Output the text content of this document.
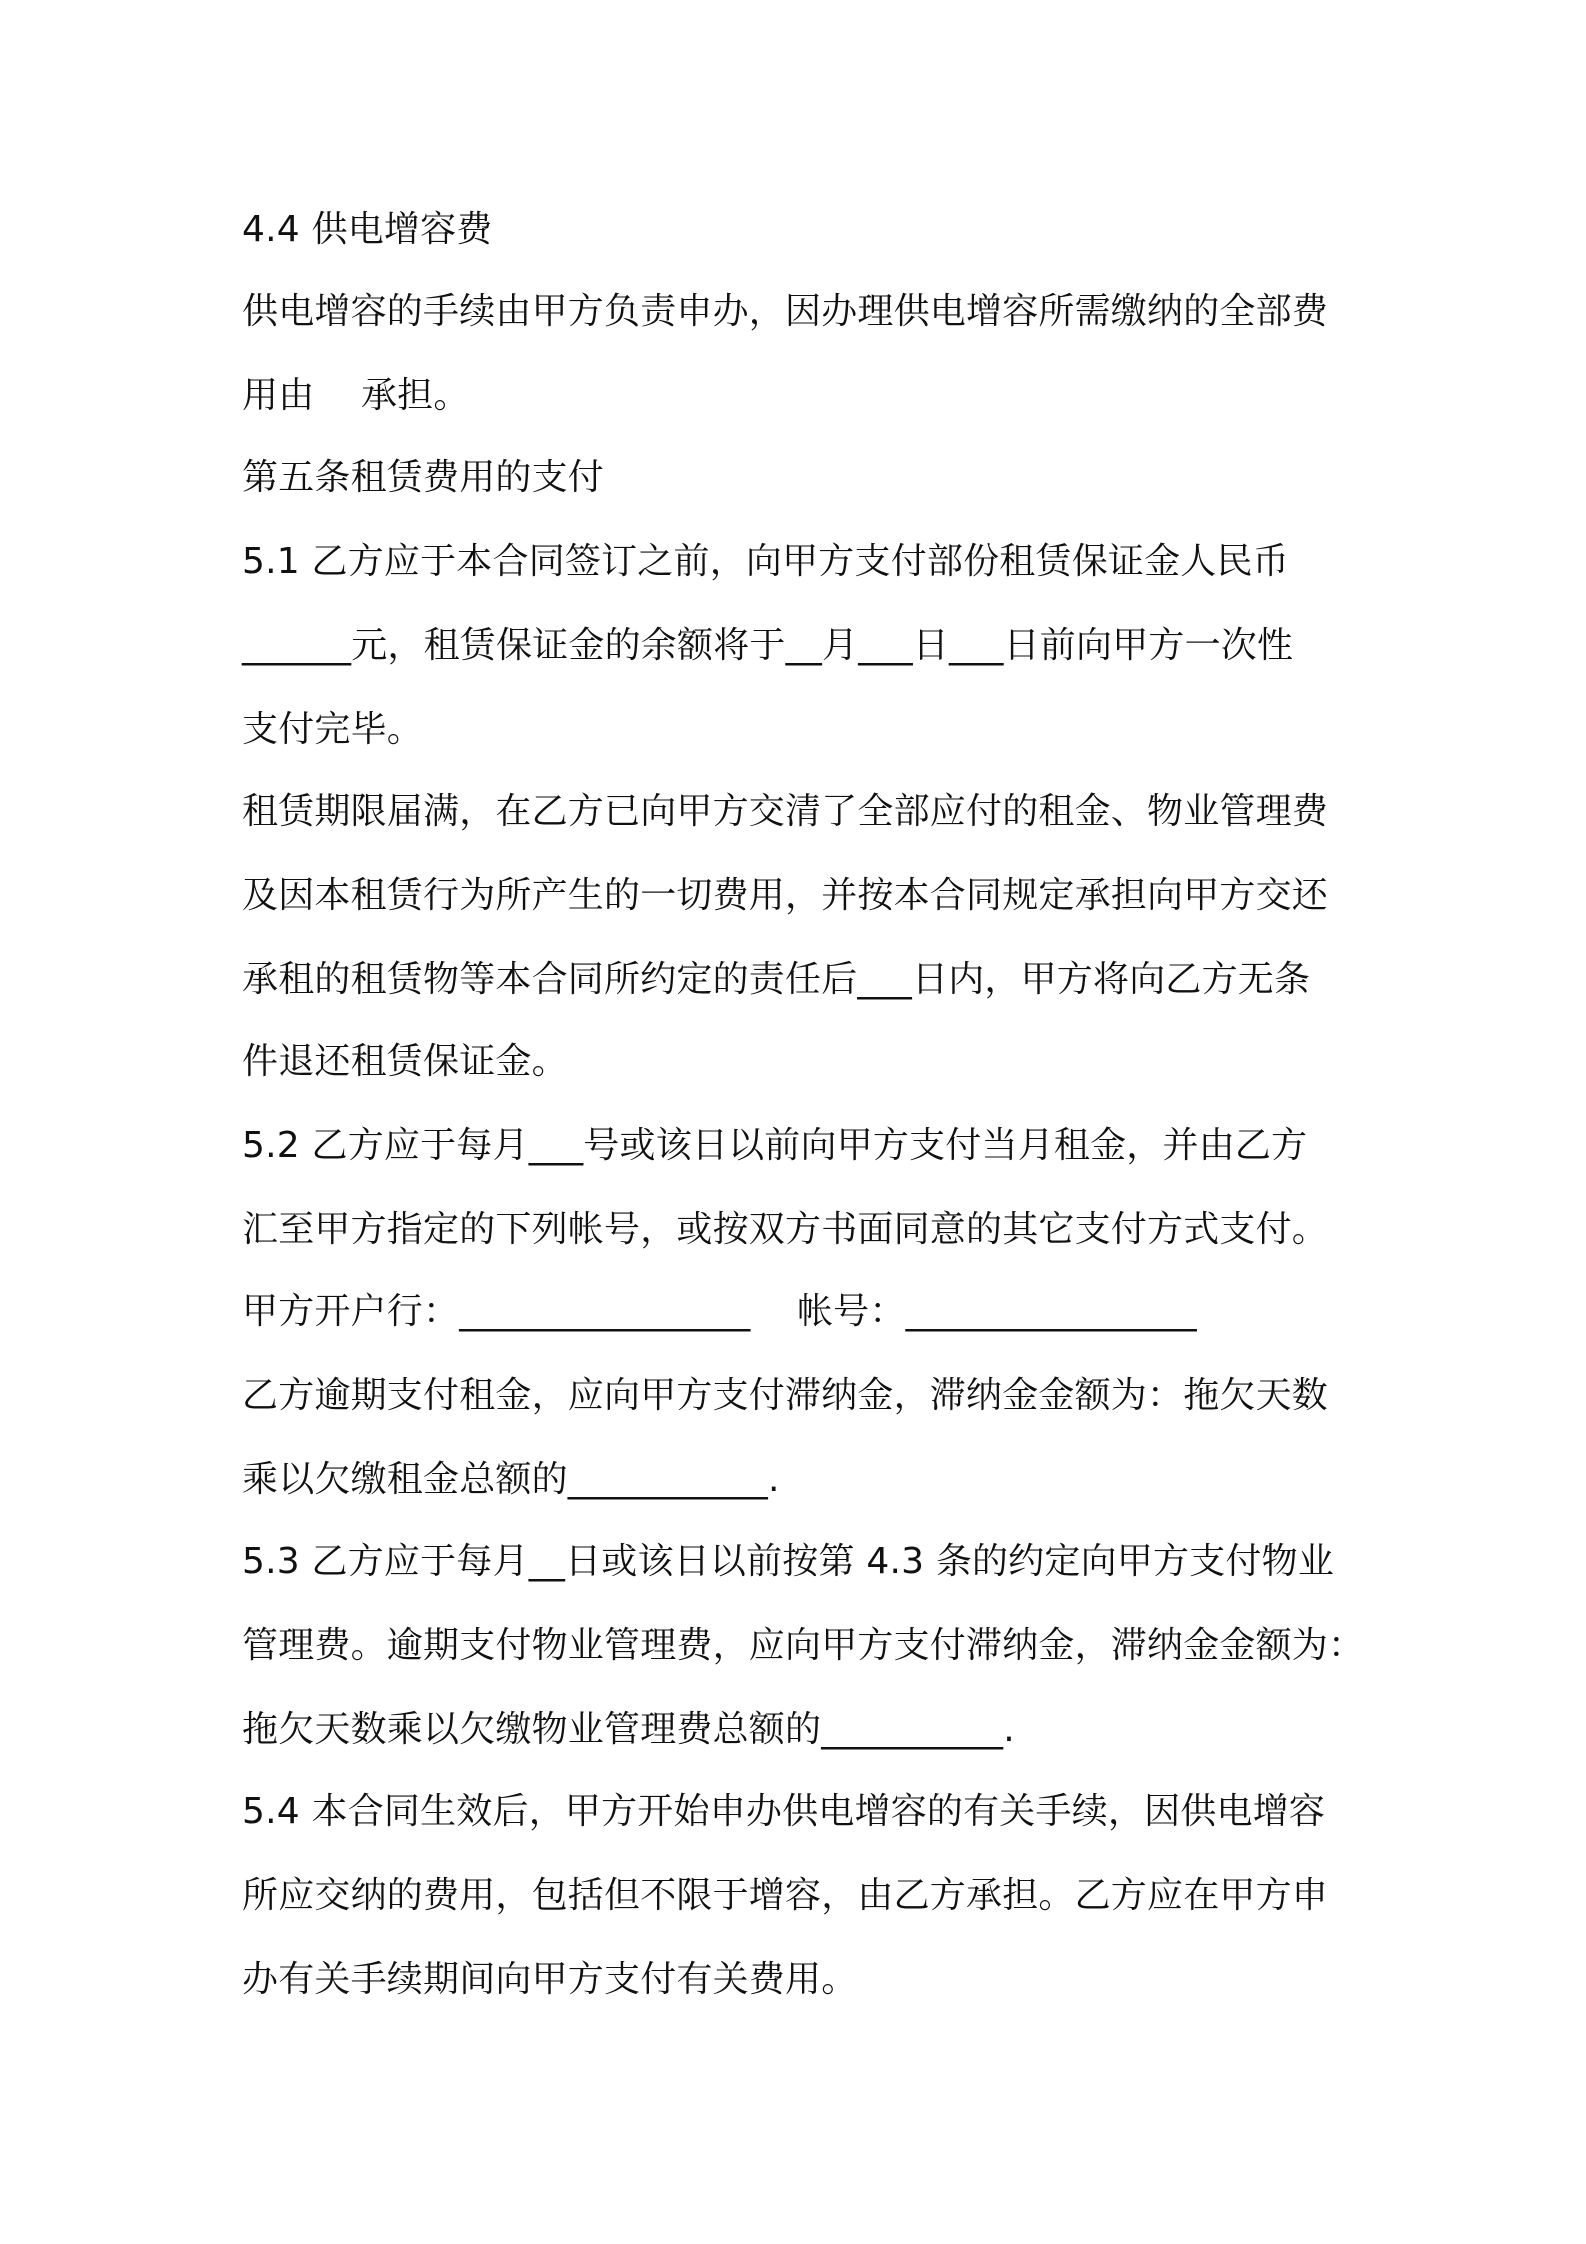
4.4 供电增容费

供电增容的手续由甲方负责申办，因办理供电增容所需缴纳的全部费

用由    承担。

第五条租赁费用的支付

5.1 乙方应于本合同签订之前，向甲方支付部份租赁保证金人民币

______元，租赁保证金的余额将于__月___日___日前向甲方一次性

支付完毕。

租赁期限届满，在乙方已向甲方交清了全部应付的租金、物业管理费

及因本租赁行为所产生的一切费用，并按本合同规定承担向甲方交还

承租的租赁物等本合同所约定的责任后___日内，甲方将向乙方无条

件退还租赁保证金。

5.2 乙方应于每月___号或该日以前向甲方支付当月租金，并由乙方

汇至甲方指定的下列帐号，或按双方书面同意的其它支付方式支付。

甲方开户行：________________    帐号：________________

乙方逾期支付租金，应向甲方支付滞纳金，滞纳金金额为：拖欠天数

乘以欠缴租金总额的___________.

5.3 乙方应于每月__日或该日以前按第 4.3 条的约定向甲方支付物业

管理费。逾期支付物业管理费，应向甲方支付滞纳金，滞纳金金额为：

拖欠天数乘以欠缴物业管理费总额的__________.

5.4 本合同生效后，甲方开始申办供电增容的有关手续，因供电增容

所应交纳的费用，包括但不限于增容，由乙方承担。乙方应在甲方申

办有关手续期间向甲方支付有关费用。
